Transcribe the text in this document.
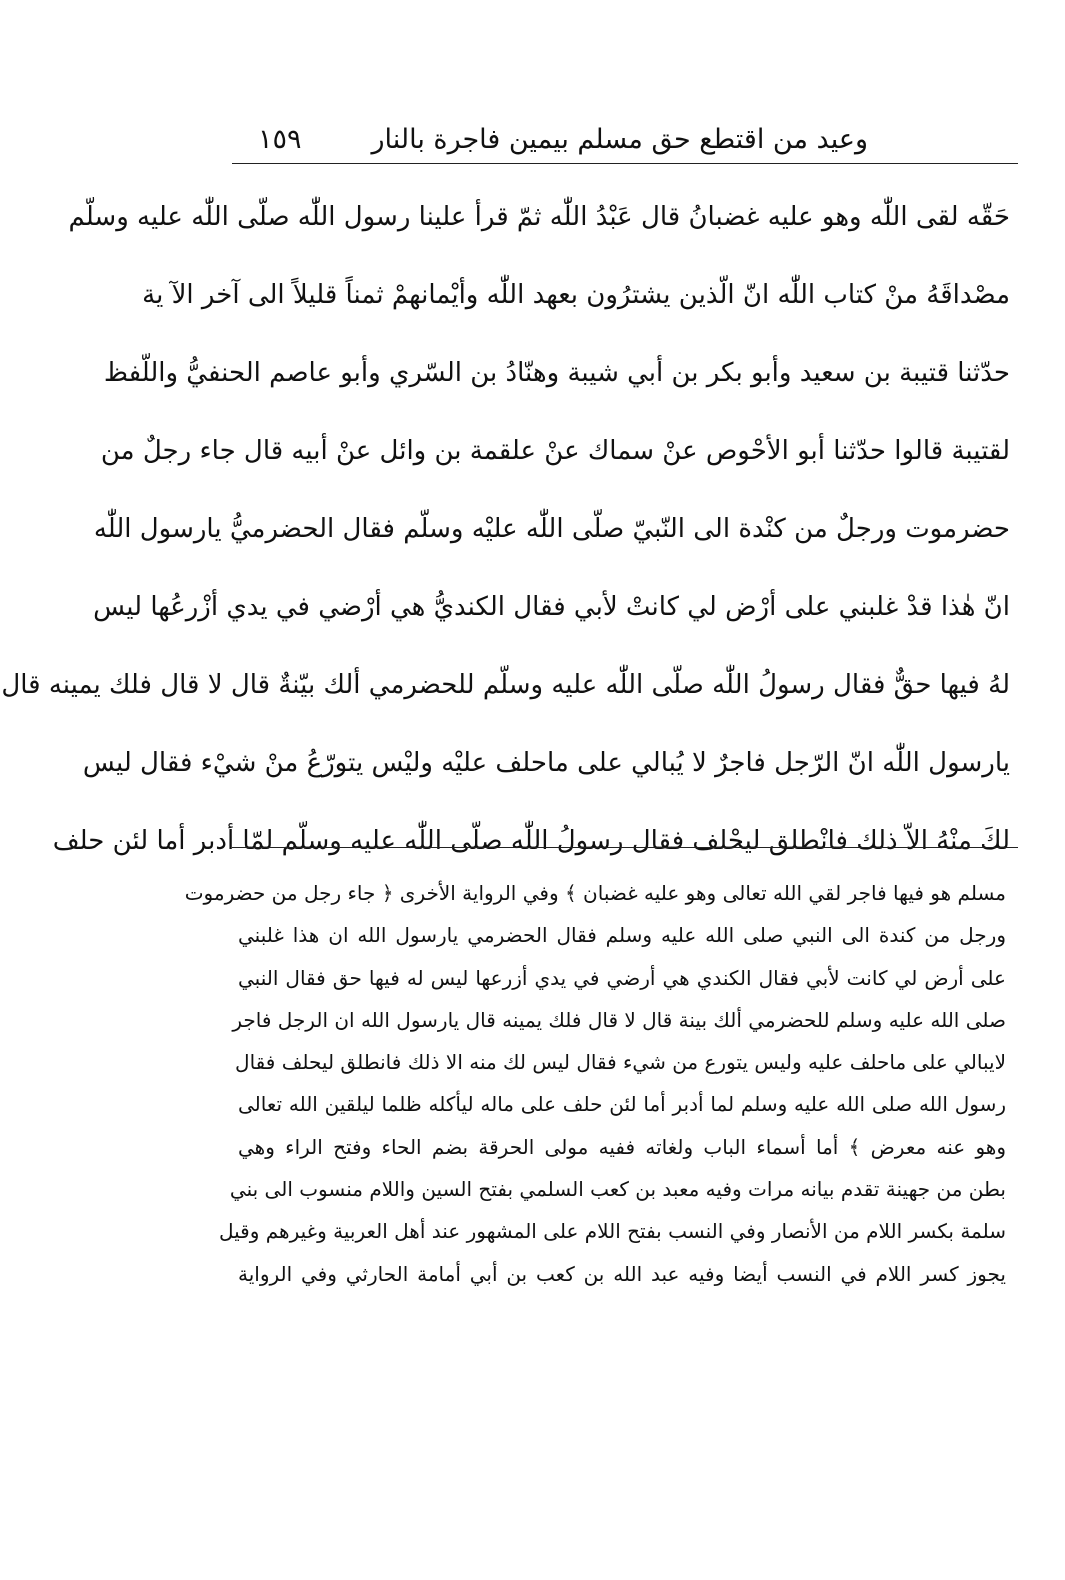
وعيد من اقتطع حق مسلم بيمين فاجرة بالنار
١٥٩
حَقّه لقى اللّٰه وهو عليه غضبانُ قال عَبْدُ اللّٰه ثمّ قرأ علينا رسول اللّٰه صلّى اللّٰه عليه وسلّم
مصْداقَهُ منْ كتاب اللّٰه انّ الّذين يشترُون بعهد اللّٰه وأيْمانهمْ ثمناً قليلاً الى آخر الآ ية
حدّثنا قتيبة بن سعيد وأبو بكر بن أبي شيبة وهنّادُ بن السّري وأبو عاصم الحنفيُّ واللّفظ
لقتيبة قالوا حدّثنا أبو الأحْوص عنْ سماك عنْ علقمة بن وائل عنْ أبيه قال جاء رجلٌ من
حضرموت ورجلٌ من كنْدة الى النّبيّ صلّى اللّٰه عليْه وسلّم فقال الحضرميُّ يارسول اللّٰه
انّ هٰذا قدْ غلبني على أرْض لي كانتْ لأبي فقال الكنديُّ هي أرْضي في يدي أزْرعُها ليس
لهُ فيها حقٌّ فقال رسولُ اللّٰه صلّى اللّٰه عليه وسلّم للحضرمي ألك بيّنةٌ قال لا قال فلك يمينه قال
يارسول اللّٰه انّ الرّجل فاجرٌ لا يُبالي على ماحلف عليْه وليْس يتورّعُ منْ شيْء فقال ليس
لكَ منْهُ الاّ ذلك فانْطلق ليحْلف فقال رسولُ اللّٰه صلّى اللّٰه عليه وسلّم لمّا أدبر أما لئن حلف
مسلم هو فيها فاجر لقي الله تعالى وهو عليه غضبان ﴾ وفي الرواية الأخرى ﴿ جاء رجل من حضرموت
ورجل من كندة الى النبي صلى الله عليه وسلم فقال الحضرمي يارسول الله ان هذا غلبني
على أرض لي كانت لأبي فقال الكندي هي أرضي في يدي أزرعها ليس له فيها حق فقال النبي
صلى الله عليه وسلم للحضرمي ألك بينة قال لا قال فلك يمينه قال يارسول الله ان الرجل فاجر
لايبالي على ماحلف عليه وليس يتورع من شيء فقال ليس لك منه الا ذلك فانطلق ليحلف فقال
رسول الله صلى الله عليه وسلم لما أدبر أما لئن حلف على ماله ليأكله ظلما ليلقين الله تعالى
وهو عنه معرض ﴾ أما أسماء الباب ولغاته ففيه مولى الحرقة بضم الحاء وفتح الراء وهي
بطن من جهينة تقدم بيانه مرات وفيه معبد بن كعب السلمي بفتح السين واللام منسوب الى بني
سلمة بكسر اللام من الأنصار وفي النسب بفتح اللام على المشهور عند أهل العربية وغيرهم وقيل
يجوز كسر اللام في النسب أيضا وفيه عبد الله بن كعب بن أبي أمامة الحارثي وفي الرواية
